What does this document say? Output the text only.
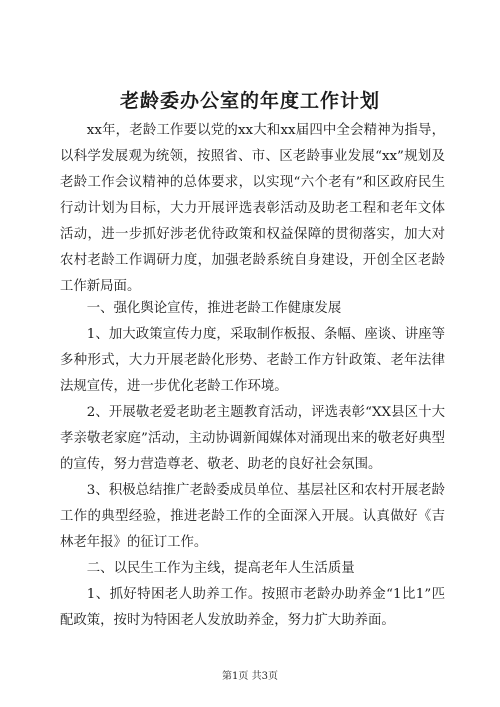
老龄委办公室的年度工作计划

xx年，老龄工作要以党的xx大和xx届四中全会精神为指导，以科学发展观为统领，按照省、市、区老龄事业发展“xx”规划及老龄工作会议精神的总体要求，以实现“六个老有”和区政府民生行动计划为目标，大力开展评选表彰活动及助老工程和老年文体活动，进一步抓好涉老优待政策和权益保障的贯彻落实，加大对农村老龄工作调研力度，加强老龄系统自身建设，开创全区老龄工作新局面。

一、强化舆论宣传，推进老龄工作健康发展

1、加大政策宣传力度，采取制作板报、条幅、座谈、讲座等多种形式，大力开展老龄化形势、老龄工作方针政策、老年法律法规宣传，进一步优化老龄工作环境。

2、开展敬老爱老助老主题教育活动，评选表彰“XX县区十大孝亲敬老家庭”活动，主动协调新闻媒体对涌现出来的敬老好典型的宣传，努力营造尊老、敬老、助老的良好社会氛围。

3、积极总结推广老龄委成员单位、基层社区和农村开展老龄工作的典型经验，推进老龄工作的全面深入开展。认真做好《吉林老年报》的征订工作。

二、以民生工作为主线，提高老年人生活质量

1、抓好特困老人助养工作。按照市老龄办助养金“1比1”匹配政策，按时为特困老人发放助养金，努力扩大助养面。

第1页 共3页
